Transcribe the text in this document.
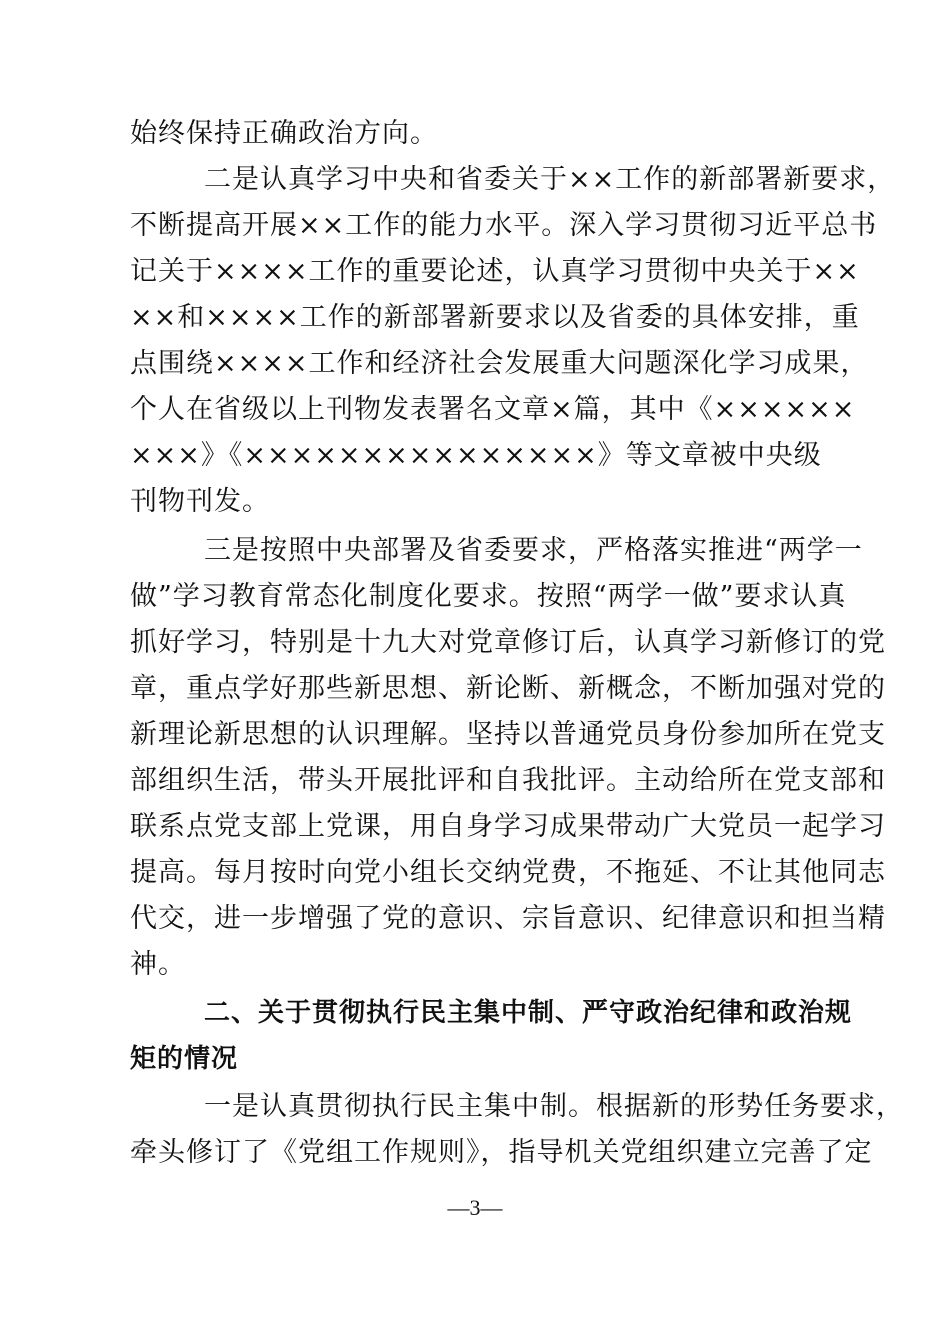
始终保持正确政治方向。
二是认真学习中央和省委关于××工作的新部署新要求，
不断提高开展××工作的能力水平。深入学习贯彻习近平总书
记关于××××工作的重要论述，认真学习贯彻中央关于××
××和××××工作的新部署新要求以及省委的具体安排，重
点围绕××××工作和经济社会发展重大问题深化学习成果，
个人在省级以上刊物发表署名文章×篇，其中《××××××
×××》《×××××××××××××××》等文章被中央级
刊物刊发。
三是按照中央部署及省委要求，严格落实推进“两学一
做”学习教育常态化制度化要求。按照“两学一做”要求认真
抓好学习，特别是十九大对党章修订后，认真学习新修订的党
章，重点学好那些新思想、新论断、新概念，不断加强对党的
新理论新思想的认识理解。坚持以普通党员身份参加所在党支
部组织生活，带头开展批评和自我批评。主动给所在党支部和
联系点党支部上党课，用自身学习成果带动广大党员一起学习
提高。每月按时向党小组长交纳党费，不拖延、不让其他同志
代交，进一步增强了党的意识、宗旨意识、纪律意识和担当精
神。
二、关于贯彻执行民主集中制、严守政治纪律和政治规
矩的情况
一是认真贯彻执行民主集中制。根据新的形势任务要求，
牵头修订了《党组工作规则》，指导机关党组织建立完善了定
—3—
